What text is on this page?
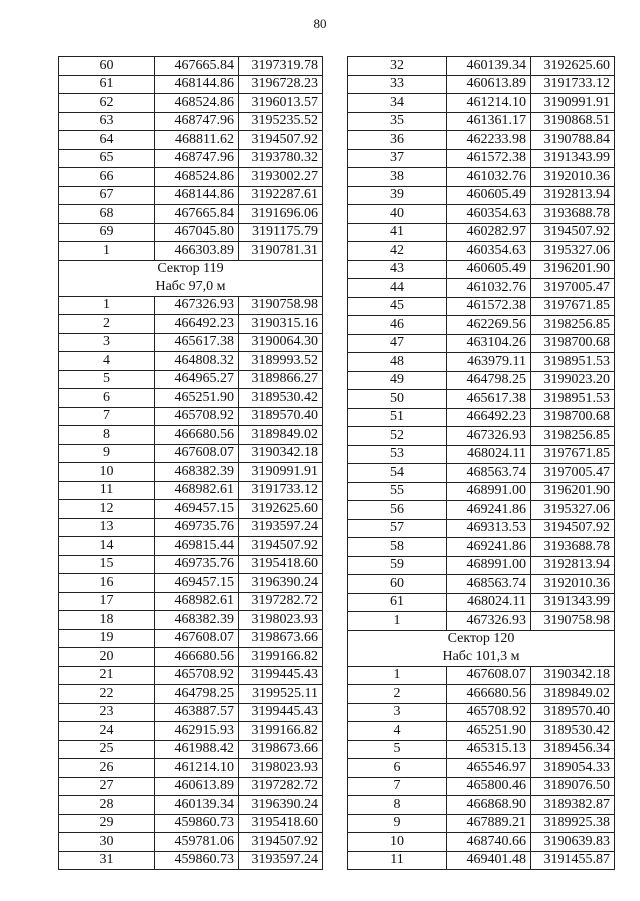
80
60	467665.84	3197319.78
61	468144.86	3196728.23
62	468524.86	3196013.57
63	468747.96	3195235.52
64	468811.62	3194507.92
65	468747.96	3193780.32
66	468524.86	3193002.27
67	468144.86	3192287.61
68	467665.84	3191696.06
69	467045.80	3191175.79
1	466303.89	3190781.31
Сектор 119		
Набс 97,0 м		
1	467326.93	3190758.98
2	466492.23	3190315.16
3	465617.38	3190064.30
4	464808.32	3189993.52
5	464965.27	3189866.27
6	465251.90	3189530.42
7	465708.92	3189570.40
8	466680.56	3189849.02
9	467608.07	3190342.18
10	468382.39	3190991.91
11	468982.61	3191733.12
12	469457.15	3192625.60
13	469735.76	3193597.24
14	469815.44	3194507.92
15	469735.76	3195418.60
16	469457.15	3196390.24
17	468982.61	3197282.72
18	468382.39	3198023.93
19	467608.07	3198673.66
20	466680.56	3199166.82
21	465708.92	3199445.43
22	464798.25	3199525.11
23	463887.57	3199445.43
24	462915.93	3199166.82
25	461988.42	3198673.66
26	461214.10	3198023.93
27	460613.89	3197282.72
28	460139.34	3196390.24
29	459860.73	3195418.60
30	459781.06	3194507.92
31	459860.73	3193597.24
32	460139.34	3192625.60
33	460613.89	3191733.12
34	461214.10	3190991.91
35	461361.17	3190868.51
36	462233.98	3190788.84
37	461572.38	3191343.99
38	461032.76	3192010.36
39	460605.49	3192813.94
40	460354.63	3193688.78
41	460282.97	3194507.92
42	460354.63	3195327.06
43	460605.49	3196201.90
44	461032.76	3197005.47
45	461572.38	3197671.85
46	462269.56	3198256.85
47	463104.26	3198700.68
48	463979.11	3198951.53
49	464798.25	3199023.20
50	465617.38	3198951.53
51	466492.23	3198700.68
52	467326.93	3198256.85
53	468024.11	3197671.85
54	468563.74	3197005.47
55	468991.00	3196201.90
56	469241.86	3195327.06
57	469313.53	3194507.92
58	469241.86	3193688.78
59	468991.00	3192813.94
60	468563.74	3192010.36
61	468024.11	3191343.99
1	467326.93	3190758.98
Сектор 120		
Набс 101,3 м		
1	467608.07	3190342.18
2	466680.56	3189849.02
3	465708.92	3189570.40
4	465251.90	3189530.42
5	465315.13	3189456.34
6	465546.97	3189054.33
7	465800.46	3189076.50
8	466868.90	3189382.87
9	467889.21	3189925.38
10	468740.66	3190639.83
11	469401.48	3191455.87
